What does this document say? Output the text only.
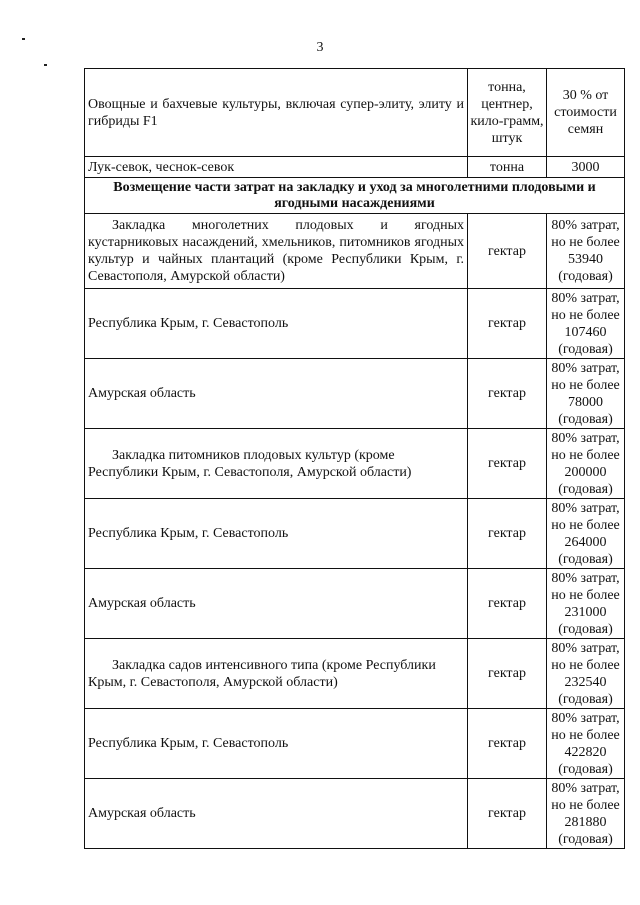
3
Овощные и бахчевые культуры, включая супер-элиту, элиту и гибриды F1	тонна, центнер, кило-грамм, штук	30 % от стоимости семян
Лук-севок, чеснок-севок	тонна	3000
Возмещение части затрат на закладку и уход за многолетними плодовыми и ягодными насаждениями		

Закладка многолетних плодовых и ягодных кустарниковых насаждений, хмельников, питомников ягодных культур и чайных плантаций (кроме Республики Крым, г. Севастополя, Амурской области)	гектар	80% затрат, но не более 53940 (годовая)
Республика Крым, г. Севастополь	гектар	80% затрат, но не более 107460 (годовая)
Амурская область	гектар	80% затрат, но не более 78000 (годовая)

Закладка питомников плодовых культур (кроме Республики Крым, г. Севастополя, Амурской области)	гектар	80% затрат, но не более 200000 (годовая)
Республика Крым, г. Севастополь	гектар	80% затрат, но не более 264000 (годовая)
Амурская область	гектар	80% затрат, но не более 231000 (годовая)

Закладка садов интенсивного типа (кроме Республики Крым, г. Севастополя, Амурской области)	гектар	80% затрат, но не более 232540 (годовая)
Республика Крым, г. Севастополь	гектар	80% затрат, но не более 422820 (годовая)
Амурская область	гектар	80% затрат, но не более 281880 (годовая)
